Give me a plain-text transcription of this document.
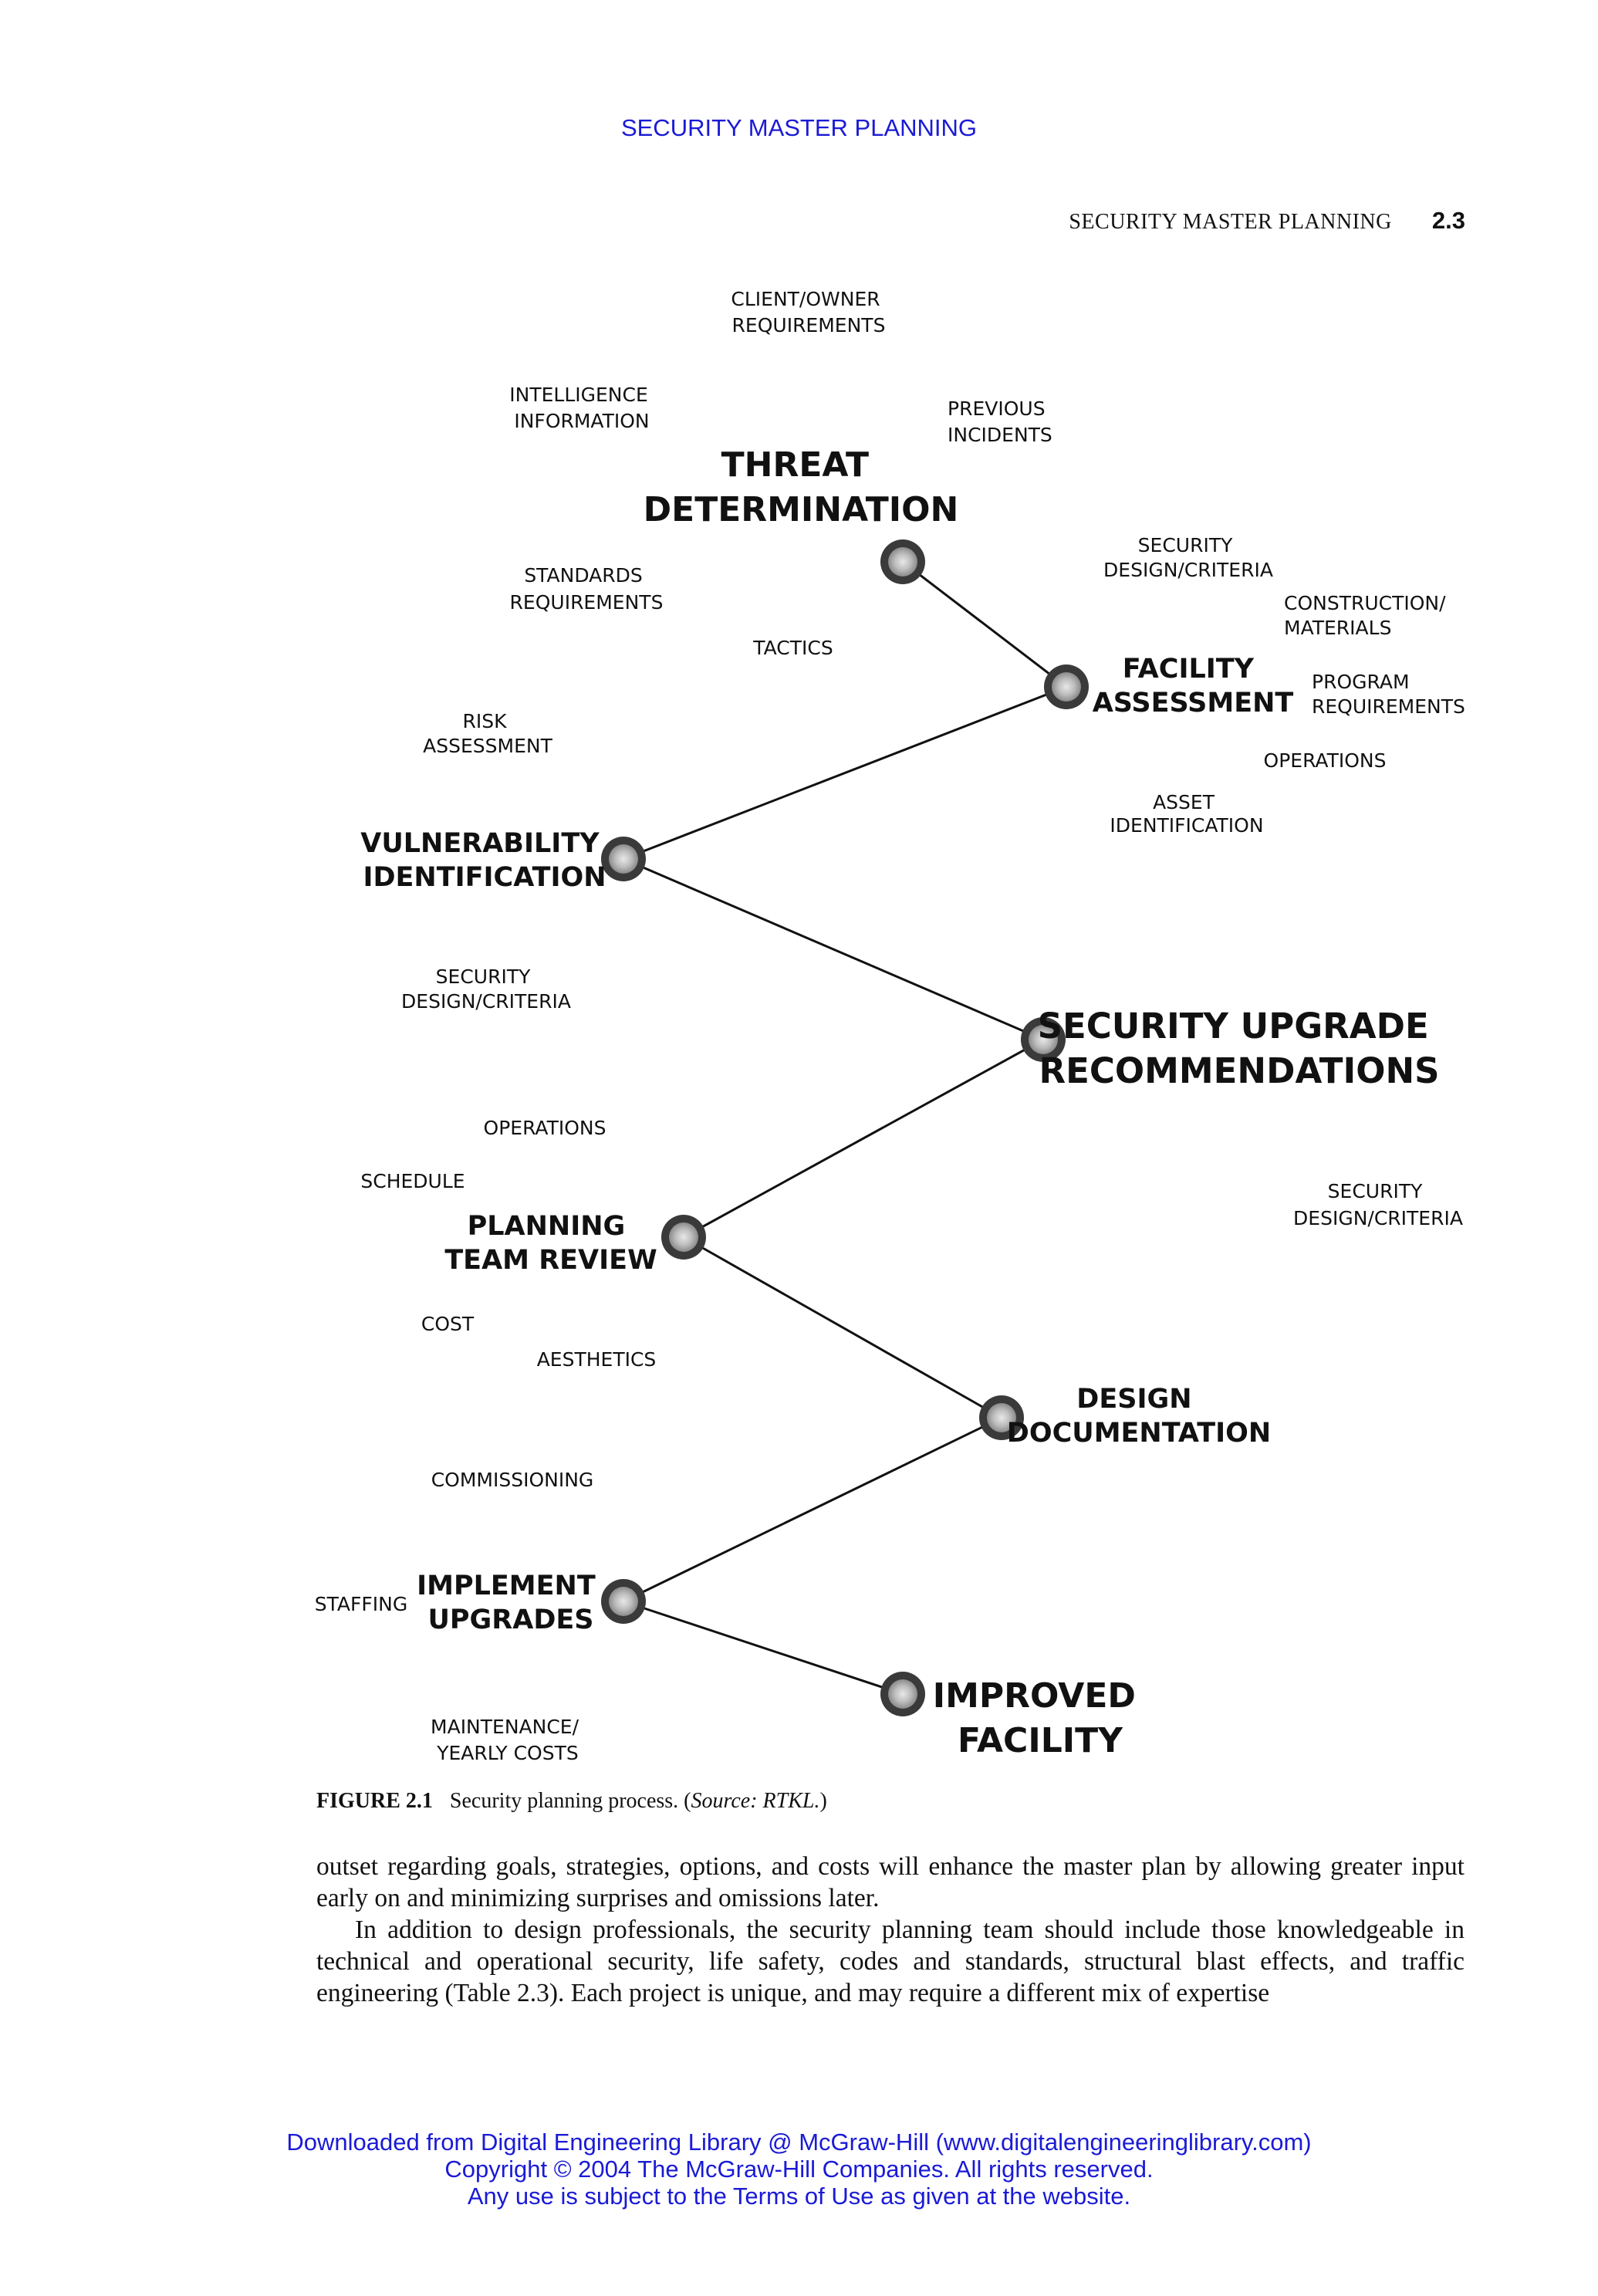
SECURITY MASTER PLANNING
SECURITY MASTER PLANNING 2.3
THREAT DETERMINATION
FACILITY ASSESSMENT
VULNERABILITY IDENTIFICATION
SECURITY UPGRADE RECOMMENDATIONS
PLANNING TEAM REVIEW
DESIGN DOCUMENTATION
IMPLEMENT UPGRADES
IMPROVED FACILITY
CLIENT/OWNER REQUIREMENTS
INTELLIGENCE INFORMATION
PREVIOUS INCIDENTS
SECURITY DESIGN/CRITERIA
STANDARDS REQUIREMENTS	CONSTRUCTION/ MATERIALS
TACTICS
PROGRAM REQUIREMENTS
RISK ASSESSMENT
OPERATIONS
ASSET IDENTIFICATION
SECURITY DESIGN/CRITERIA
OPERATIONS
SCHEDULE	SECURITY DESIGN/CRITERIA
COST
AESTHETICS
COMMISSIONING
STAFFING
MAINTENANCE/ YEARLY COSTS
FIGURE 2.1 Security planning process. (Source: RTKL.)

outset regarding goals, strategies, options, and costs will enhance the master plan by allowing greater input early on and minimizing surprises and omissions later.

In addition to design professionals, the security planning team should include those knowledgeable in technical and operational security, life safety, codes and standards, structural blast effects, and traffic engineering (Table 2.3). Each project is unique, and may require a different mix of expertise

Downloaded from Digital Engineering Library @ McGraw-Hill (www.digitalengineeringlibrary.com)
Copyright © 2004 The McGraw-Hill Companies. All rights reserved.
Any use is subject to the Terms of Use as given at the website.
